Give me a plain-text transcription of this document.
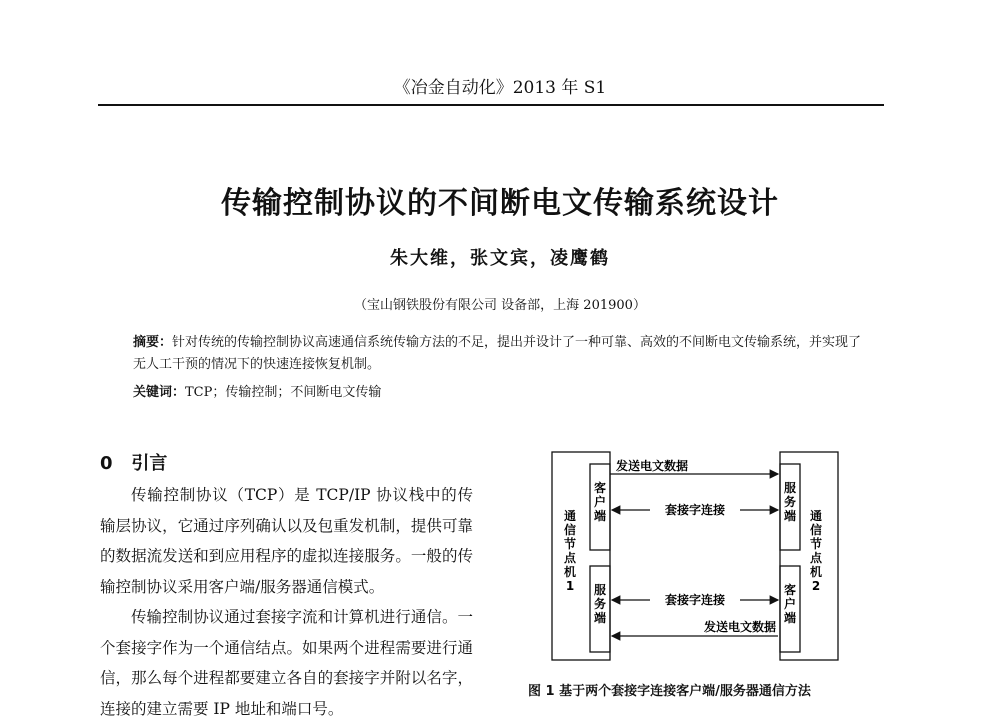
《冶金自动化》2013 年 S1
传输控制协议的不间断电文传输系统设计
朱大维，张文宾，凌鹰鹤
（宝山钢铁股份有限公司 设备部，上海 201900）
摘要：针对传统的传输控制协议高速通信系统传输方法的不足，提出并设计了一种可靠、高效的不间断电文传输系统，并实现了无人工干预的情况下的快速连接恢复机制。
关键词：TCP；传输控制；不间断电文传输
0 引言

传输控制协议（TCP）是 TCP/IP 协议栈中的传输层协议，它通过序列确认以及包重发机制，提供可靠的数据流发送和到应用程序的虚拟连接服务。一般的传输控制协议采用客户端/服务器通信模式。

传输控制协议通过套接字流和计算机进行通信。一个套接字作为一个通信结点。如果两个进程需要进行通信，那么每个进程都要建立各自的套接字并附以名字，连接的建立需要 IP 地址和端口号。

通信节点机 1
通信节点机 2
客户端
服务端
服务端
客户端
发送电文数据
套接字连接
套接字连接
发送电文数据
图 1 基于两个套接字连接客户端/服务器通信方法
